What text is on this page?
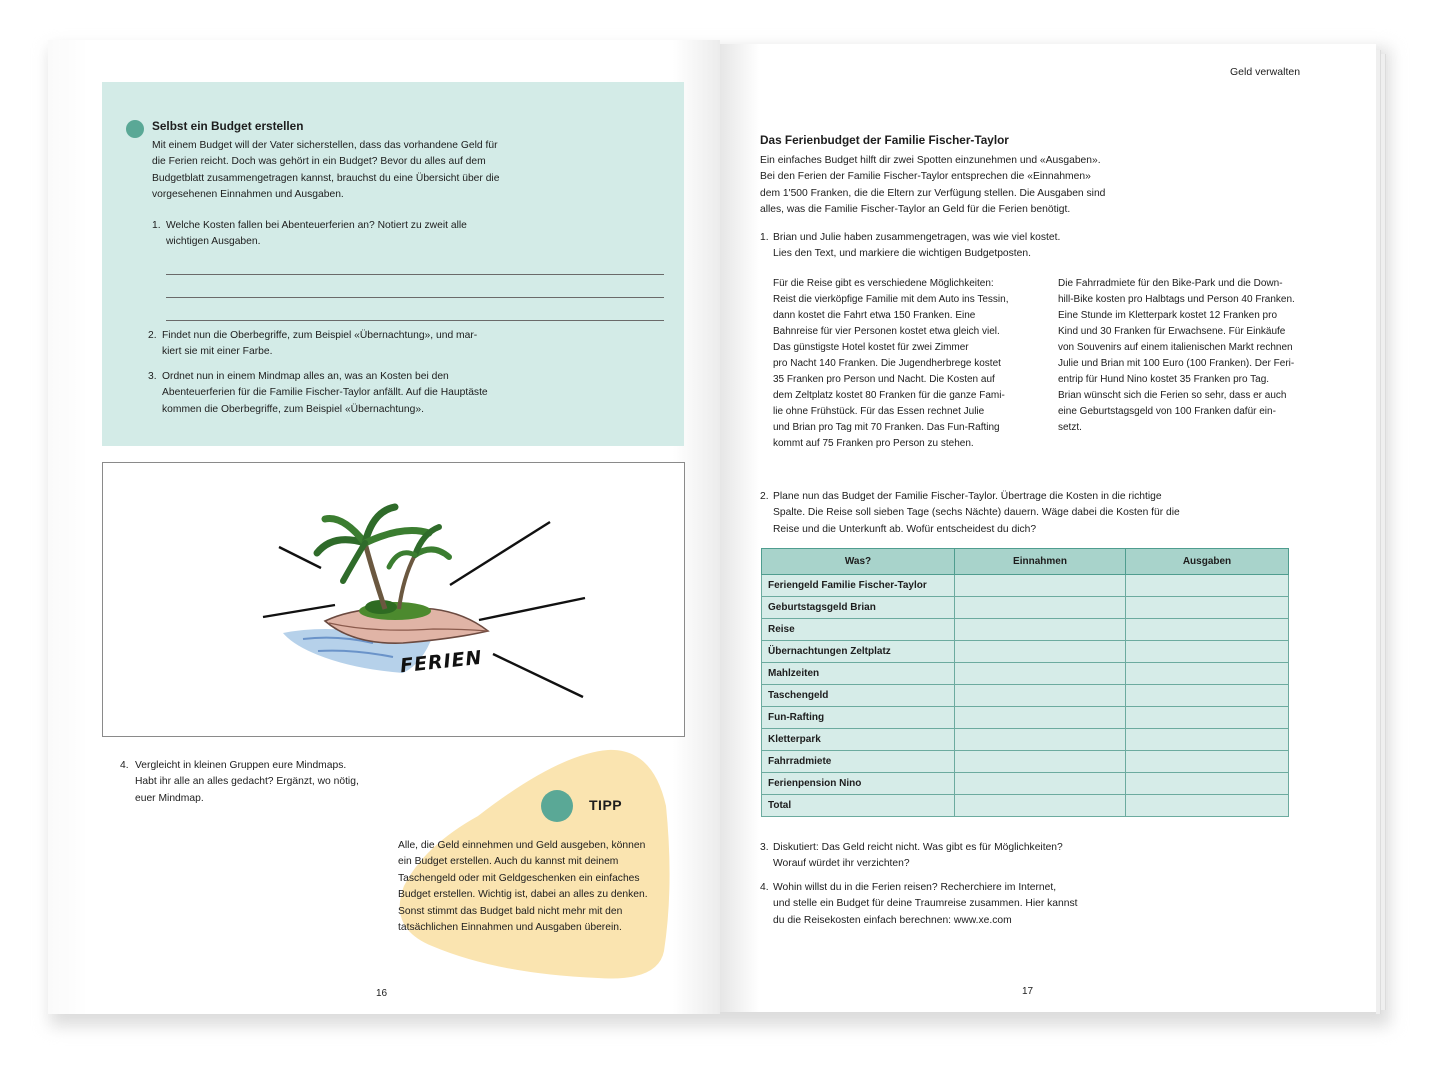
Selbst ein Budget erstellen
Mit einem Budget will der Vater sicherstellen, dass das vorhandene Geld für
die Ferien reicht. Doch was gehört in ein Budget? Bevor du alles auf dem
Budgetblatt zusammengetragen kannst, brauchst du eine Übersicht über die
vorgesehenen Einnahmen und Ausgaben.
1. Welche Kosten fallen bei Abenteuerferien an? Notiert zu zweit alle
wichtigen Ausgaben.
2. Findet nun die Oberbegriffe, zum Beispiel «Übernachtung», und mar-
kiert sie mit einer Farbe.
3. Ordnet nun in einem Mindmap alles an, was an Kosten bei den
Abenteuerferien für die Familie Fischer-Taylor anfällt. Auf die Hauptäste
kommen die Oberbegriffe, zum Beispiel «Übernachtung».
FERIEN
4. Vergleicht in kleinen Gruppen eure Mindmaps.
Habt ihr alle an alles gedacht? Ergänzt, wo nötig,
euer Mindmap.	TIPP
Alle, die Geld einnehmen und Geld ausgeben, können
ein Budget erstellen. Auch du kannst mit deinem
Taschengeld oder mit Geldgeschenken ein einfaches
Budget erstellen. Wichtig ist, dabei an alles zu denken.
Sonst stimmt das Budget bald nicht mehr mit den
tatsächlichen Einnahmen und Ausgaben überein.
16
Geld verwalten
Das Ferienbudget der Familie Fischer-Taylor
Ein einfaches Budget hilft dir zwei Spotten einzunehmen und «Ausgaben».
Bei den Ferien der Familie Fischer-Taylor entsprechen die «Einnahmen»
dem 1'500 Franken, die die Eltern zur Verfügung stellen. Die Ausgaben sind
alles, was die Familie Fischer-Taylor an Geld für die Ferien benötigt.
1. Brian und Julie haben zusammengetragen, was wie viel kostet.
Lies den Text, und markiere die wichtigen Budgetposten.
Für die Reise gibt es verschiedene Möglichkeiten:
Reist die vierköpfige Familie mit dem Auto ins Tessin,
dann kostet die Fahrt etwa 150 Franken. Eine
Bahnreise für vier Personen kostet etwa gleich viel.
Das günstigste Hotel kostet für zwei Zimmer
pro Nacht 140 Franken. Die Jugendherbrege kostet
35 Franken pro Person und Nacht. Die Kosten auf
dem Zeltplatz kostet 80 Franken für die ganze Fami-
lie ohne Frühstück. Für das Essen rechnet Julie
und Brian pro Tag mit 70 Franken. Das Fun-Rafting
kommt auf 75 Franken pro Person zu stehen.
Die Fahrradmiete für den Bike-Park und die Down-
hill-Bike kosten pro Halbtags und Person 40 Franken.
Eine Stunde im Kletterpark kostet 12 Franken pro
Kind und 30 Franken für Erwachsene. Für Einkäufe
von Souvenirs auf einem italienischen Markt rechnen
Julie und Brian mit 100 Euro (100 Franken). Der Feri-
entrip für Hund Nino kostet 35 Franken pro Tag.
Brian wünscht sich die Ferien so sehr, dass er auch
eine Geburtstagsgeld von 100 Franken dafür ein-
setzt.
2. Plane nun das Budget der Familie Fischer-Taylor. Übertrage die Kosten in die richtige
Spalte. Die Reise soll sieben Tage (sechs Nächte) dauern. Wäge dabei die Kosten für die
Reise und die Unterkunft ab. Wofür entscheidest du dich?
Was?	Einnahmen	Ausgaben
Feriengeld Familie Fischer-Taylor		
Geburtstagsgeld Brian		
Reise		
Übernachtungen Zeltplatz		
Mahlzeiten		
Taschengeld		
Fun-Rafting		
Kletterpark		
Fahrradmiete		
Ferienpension Nino		
Total		
3. Diskutiert: Das Geld reicht nicht. Was gibt es für Möglichkeiten?
Worauf würdet ihr verzichten?
4. Wohin willst du in die Ferien reisen? Recherchiere im Internet,
und stelle ein Budget für deine Traumreise zusammen. Hier kannst
du die Reisekosten einfach berechnen: www.xe.com
17
